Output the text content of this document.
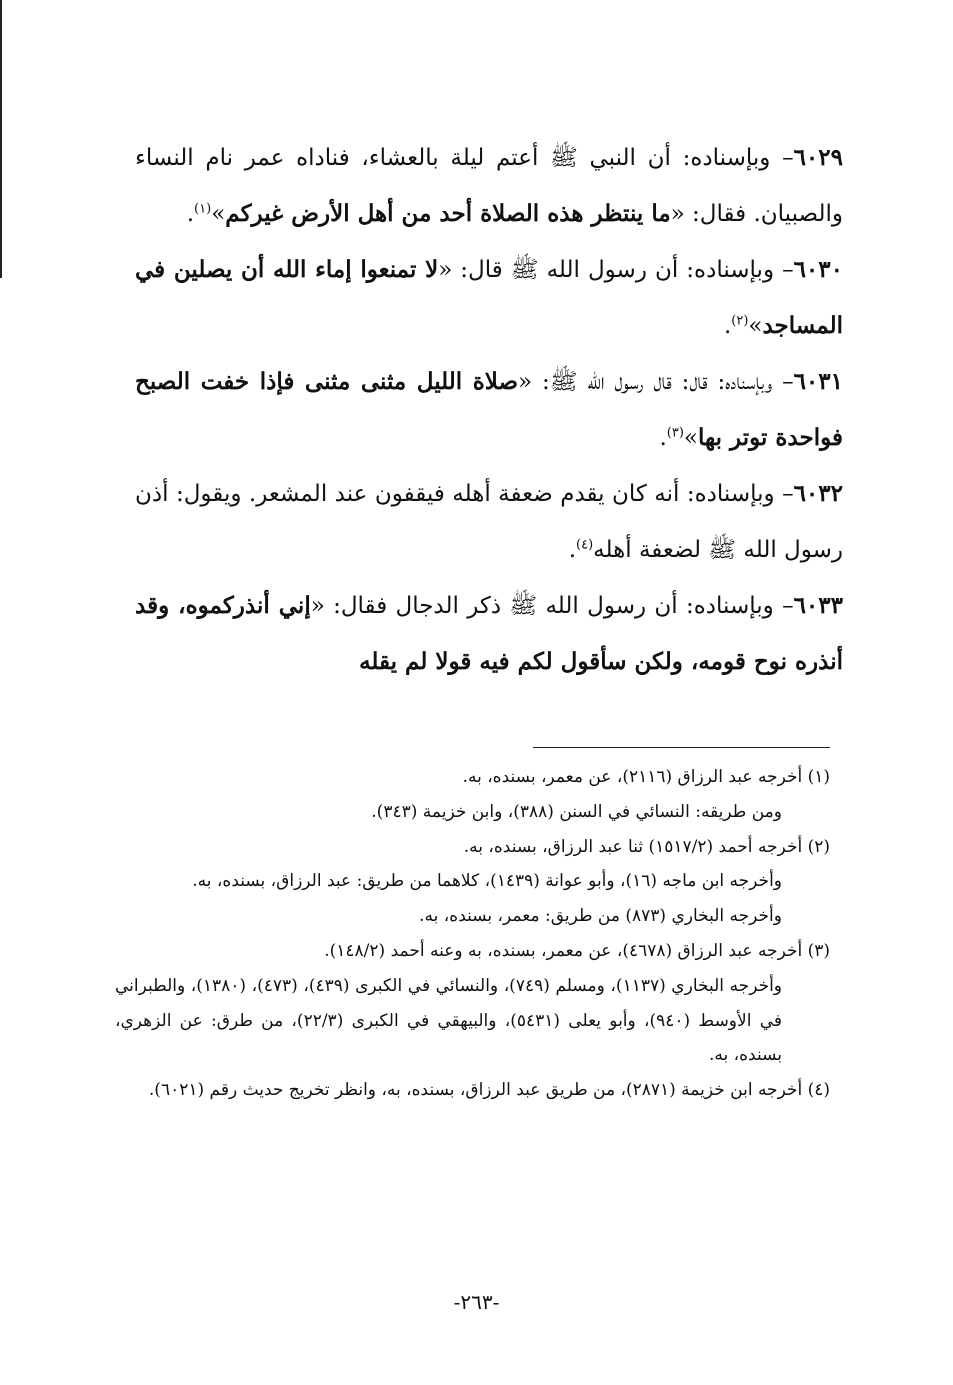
٦٠٢٩– وبإسناده: أن النبي ﷺ أعتم ليلة بالعشاء، فناداه عمر نام النساء والصبيان. فقال: «ما ينتظر هذه الصلاة أحد من أهل الأرض غيركم»$^{(١)}$.

٦٠٣٠– وبإسناده: أن رسول الله ﷺ قال: «لا تمنعوا إماء الله أن يصلين في المساجد»$^{(٢)}$.

٦٠٣١– وبإسناده: قال: قال رسول الله ﷺ: «صلاة الليل مثنى مثنى فإذا خفت الصبح فواحدة توتر بها»$^{(٣)}$.

٦٠٣٢– وبإسناده: أنه كان يقدم ضعفة أهله فيقفون عند المشعر. ويقول: أذن رسول الله ﷺ لضعفة أهله$^{(٤)}$.

٦٠٣٣– وبإسناده: أن رسول الله ﷺ ذكر الدجال فقال: «إني أنذركموه، وقد أنذره نوح قومه، ولكن سأقول لكم فيه قولا لم يقله

(١) أخرجه عبد الرزاق (٢١١٦)، عن معمر، بسنده، به.

ومن طريقه: النسائي في السنن (٣٨٨)، وابن خزيمة (٣٤٣).

(٢) أخرجه أحمد (١٥١٧/٢) ثنا عبد الرزاق، بسنده، به.

وأخرجه ابن ماجه (١٦)، وأبو عوانة (١٤٣٩)، كلاهما من طريق: عبد الرزاق، بسنده، به.

وأخرجه البخاري (٨٧٣) من طريق: معمر، بسنده، به.

(٣) أخرجه عبد الرزاق (٤٦٧٨)، عن معمر، بسنده، به وعنه أحمد (١٤٨/٢).

وأخرجه البخاري (١١٣٧)، ومسلم (٧٤٩)، والنسائي في الكبرى (٤٣٩)، (٤٧٣)، (١٣٨٠)، والطبراني في الأوسط (٩٤٠)، وأبو يعلى (٥٤٣١)، والبيهقي في الكبرى (٢٢/٣)، من طرق: عن الزهري، بسنده، به.

(٤) أخرجه ابن خزيمة (٢٨٧١)، من طريق عبد الرزاق، بسنده، به، وانظر تخريج حديث رقم (٦٠٢١).

-٢٦٣-
